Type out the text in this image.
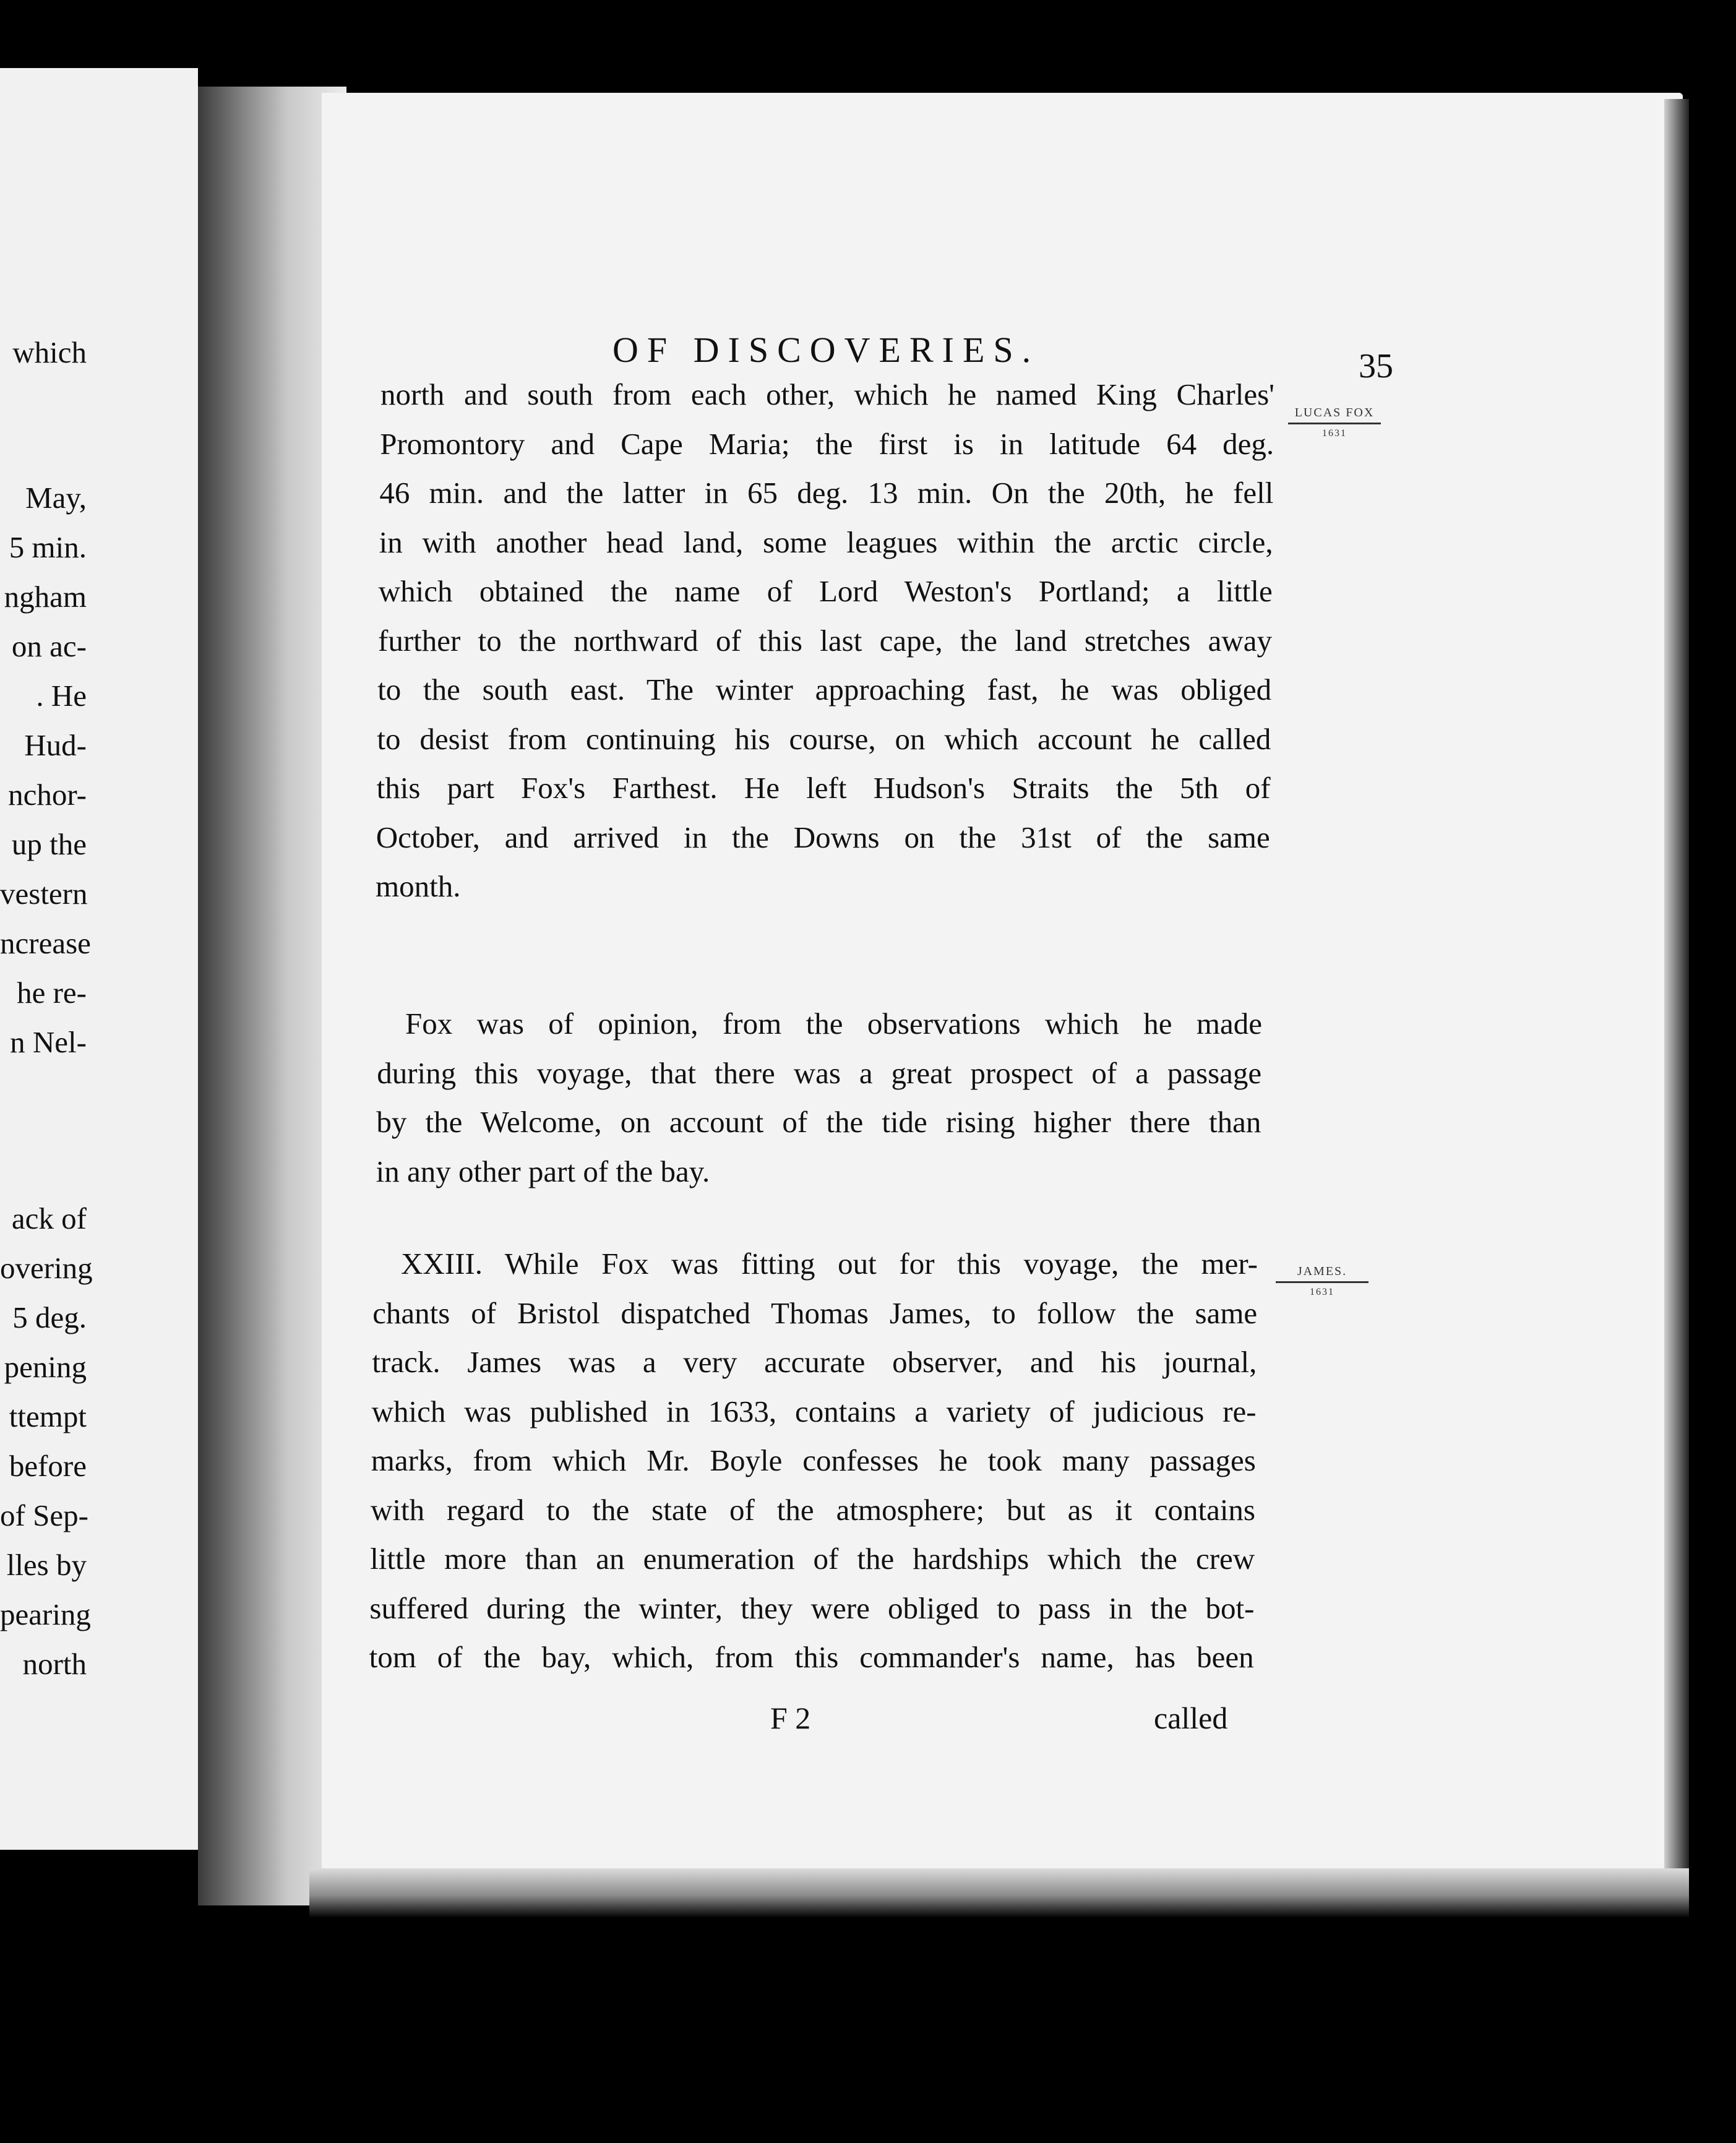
which
May,
5 min.
ngham
on ac-
. He
Hud-
nchor-
up the
vestern
ncrease
he re-
n Nel-
ack of
overing
5 deg.
pening
ttempt
before
of Sep-
lles by
pearing
north
OF DISCOVERIES.	35
LUCAS FOX
1631
JAMES.
1631
north and south from each other, which he named King Charles'
Promontory and Cape Maria; the first is in latitude 64 deg.
46 min. and the latter in 65 deg. 13 min. On the 20th, he fell
in with another head land, some leagues within the arctic circle,
which obtained the name of Lord Weston's Portland; a little
further to the northward of this last cape, the land stretches away
to the south east. The winter approaching fast, he was obliged
to desist from continuing his course, on which account he called
this part Fox's Farthest. He left Hudson's Straits the 5th of
October, and arrived in the Downs on the 31st of the same
month.
Fox was of opinion, from the observations which he made
during this voyage, that there was a great prospect of a passage
by the Welcome, on account of the tide rising higher there than
in any other part of the bay.
XXIII. While Fox was fitting out for this voyage, the mer-
chants of Bristol dispatched Thomas James, to follow the same
track. James was a very accurate observer, and his journal,
which was published in 1633, contains a variety of judicious re-
marks, from which Mr. Boyle confesses he took many passages
with regard to the state of the atmosphere; but as it contains
little more than an enumeration of the hardships which the crew
suffered during the winter, they were obliged to pass in the bot-
tom of the bay, which, from this commander's name, has been
F 2	called
